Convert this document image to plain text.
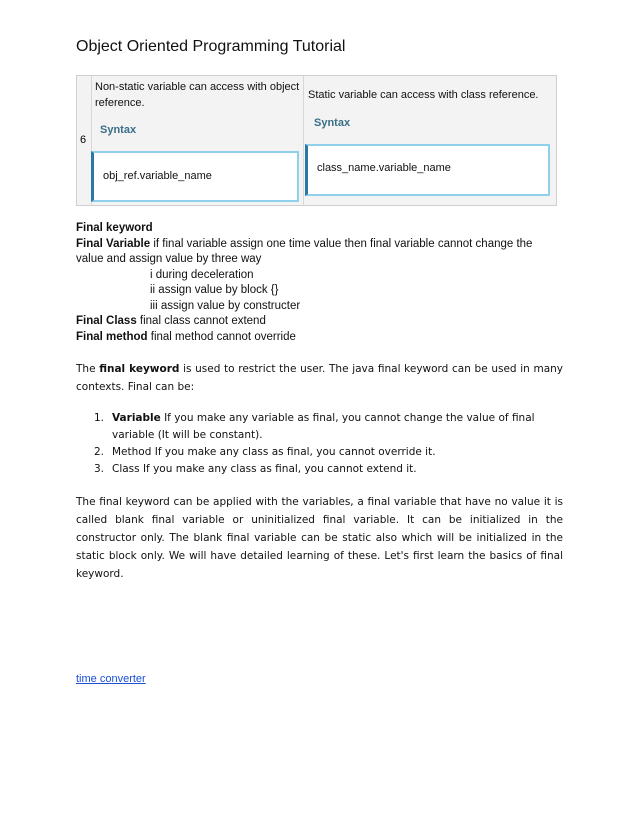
Object Oriented Programming Tutorial
6
Non-static variable can access with object
reference.
Syntax
obj_ref.variable_name
Static variable can access with class reference.
Syntax
class_name.variable_name
Final keyword
Final Variable if final variable assign one time value then final variable cannot change the
value and assign value by three way
i during deceleration
ii assign value by block {}
iii assign value by constructer
Final Class final class cannot extend
Final method final method cannot override
The final keyword is used to restrict the user. The java final keyword can be used in many contexts. Final can be:
1. Variable If you make any variable as final, you cannot change the value of final variable (It will be constant).
2. Method If you make any class as final, you cannot override it.
3. Class If you make any class as final, you cannot extend it.
The final keyword can be applied with the variables, a final variable that have no value it is called blank final variable or uninitialized final variable. It can be initialized in the constructor only. The blank final variable can be static also which will be initialized in the static block only. We will have detailed learning of these. Let's first learn the basics of final keyword.
time converter
